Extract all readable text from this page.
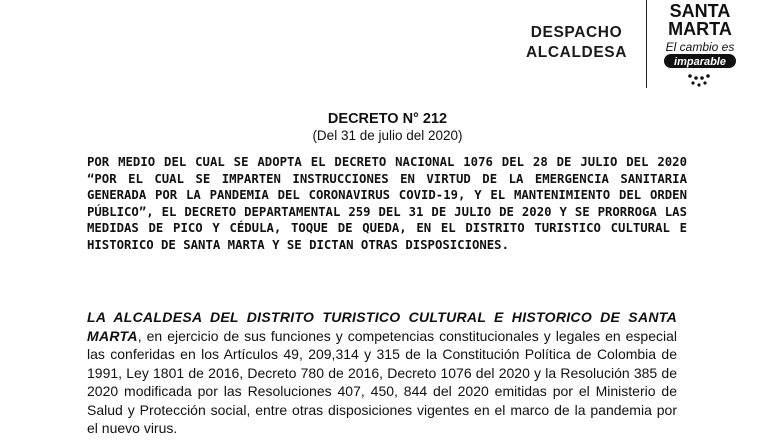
DESPACHO
ALCALDESA
SANTA
MARTA
El cambio es
imparable
DECRETO N° 212
(Del 31 de julio del 2020)
POR MEDIO DEL CUAL SE ADOPTA EL DECRETO NACIONAL 1076 DEL 28 DE JULIO DEL 2020 “POR EL CUAL SE IMPARTEN INSTRUCCIONES EN VIRTUD DE LA EMERGENCIA SANITARIA GENERADA POR LA PANDEMIA DEL CORONAVIRUS COVID-19, Y EL MANTENIMIENTO DEL ORDEN PÚBLICO”, EL DECRETO DEPARTAMENTAL 259 DEL 31 DE JULIO DE 2020 Y SE PRORROGA LAS MEDIDAS DE PICO Y CÉDULA, TOQUE DE QUEDA, EN EL DISTRITO TURISTICO CULTURAL E HISTORICO DE SANTA MARTA Y SE DICTAN OTRAS DISPOSICIONES.
LA ALCALDESA DEL DISTRITO TURISTICO CULTURAL E HISTORICO DE SANTA MARTA, en ejercicio de sus funciones y competencias constitucionales y legales en especial las conferidas en los Artículos 49, 209,314 y 315 de la Constitución Política de Colombia de 1991, Ley 1801 de 2016, Decreto 780 de 2016, Decreto 1076 del 2020 y la Resolución 385 de 2020 modificada por las Resoluciones 407, 450, 844 del 2020 emitidas por el Ministerio de Salud y Protección social, entre otras disposiciones vigentes en el marco de la pandemia por el nuevo virus.
